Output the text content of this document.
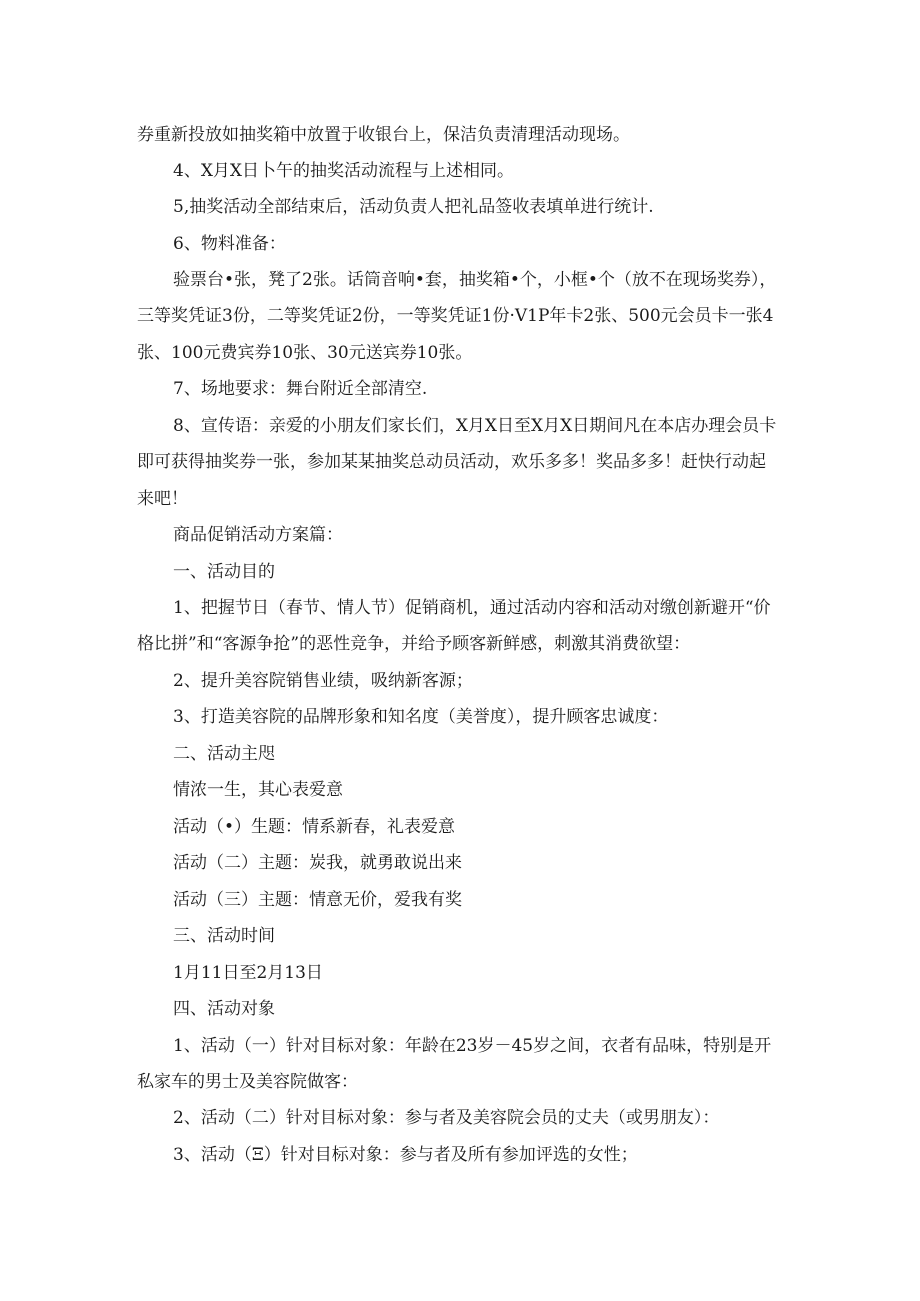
券重新投放如抽奖箱中放置于收银台上，保洁负责清理活动现场。
4、X月X日卜午的抽奖活动流程与上述相同。
5,抽奖活动全部结束后，活动负责人把礼品签收表填单进行统计.
6、物料准备：
验票台•张，凳了2张。话筒音响•套，抽奖箱•个，小框•个（放不在现场奖券），
三等奖凭证3份，二等奖凭证2份，一等奖凭证1份·V1P年卡2张、500元会员卡一张4
张、100元费宾券10张、30元送宾券10张。
7、场地要求：舞台附近全部清空.
8、宣传语：亲爱的小朋友们家长们，X月X日至X月X日期间凡在本店办理会员卡
即可获得抽奖券一张，参加某某抽奖总动员活动，欢乐多多！奖品多多！赶快行动起
来吧！
商品促销活动方案篇：
一、活动目的
1、把握节日（春节、情人节）促销商机，通过活动内容和活动对缴创新避开“价
格比拼”和“客源争抢”的恶性竞争，并给予顾客新鲜感，刺激其消费欲望：
2、提升美容院销售业绩，吸纳新客源；
3、打造美容院的品牌形象和知名度（美誉度），提升顾客忠诚度：
二、活动主咫
情浓一生，其心表爱意
活动（•）生题：情系新春，礼表爱意
活动（二）主题：炭我，就勇敢说出来
活动（三）主题：情意无价，爱我有奖
三、活动时间
1月11日至2月13日
四、活动对象
1、活动（一）针对目标对象：年龄在23岁－45岁之间，衣者有品味，特别是开
私家车的男士及美容院做客：
2、活动（二）针对目标对象：参与者及美容院会员的丈夫（或男朋友）：
3、活动（Ξ）针对目标对象：参与者及所有参加评选的女性；
